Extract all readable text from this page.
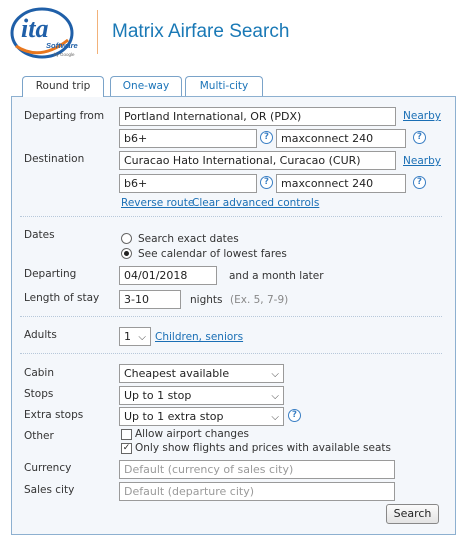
ita
Software
by Google
Matrix Airfare Search
Round trip	One-way	Multi-city
Departing from	Portland International, OR (PDX)	Nearby
b6+	?	maxconnect 240	?
Destination	Curacao Hato International, Curacao (CUR)	Nearby
b6+	?	maxconnect 240	?
Reverse route
Clear advanced controls
Dates	Search exact dates
See calendar of lowest fares
Departing	04/01/2018	and a month later
Length of stay	3-10	nights (Ex. 5, 7-9)
Adults	1 ⌵ Children, seniors
Cabin	Cheapest available	⌵
Stops	Up to 1 stop	⌵
Extra stops	Up to 1 extra stop	⌵	?
Other	Allow airport changes
✓ Only show flights and prices with available seats
Currency	Default (currency of sales city)
Sales city	Default (departure city)
Search
